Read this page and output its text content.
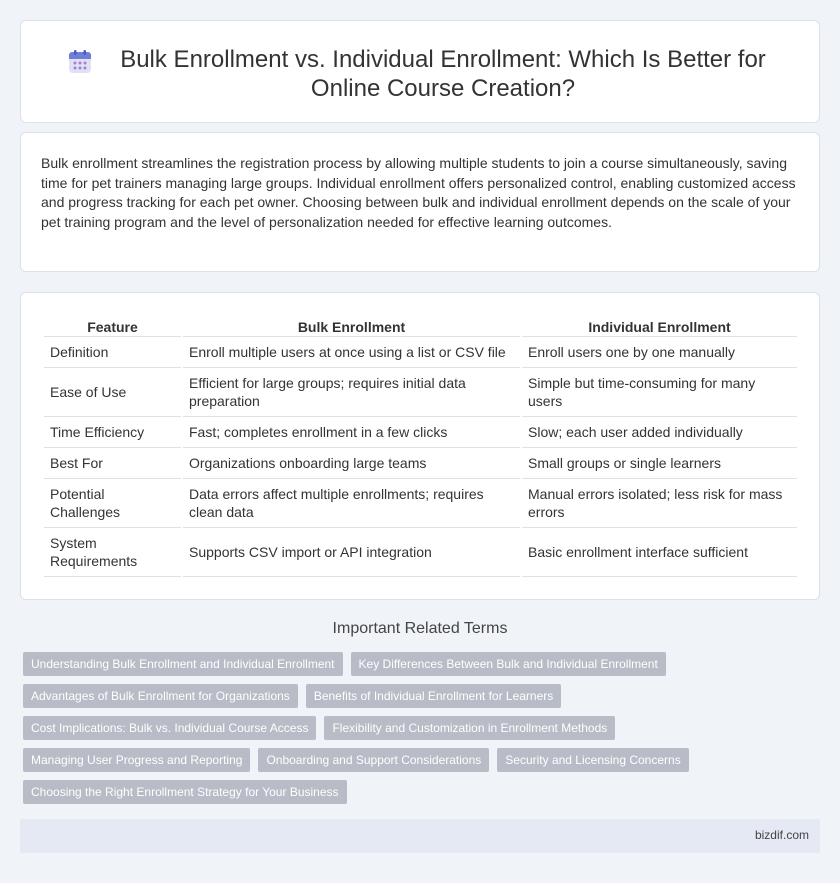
Bulk Enrollment vs. Individual Enrollment: Which Is Better for Online Course Creation?

Bulk enrollment streamlines the registration process by allowing multiple students to join a course simultaneously, saving time for pet trainers managing large groups. Individual enrollment offers personalized control, enabling customized access and progress tracking for each pet owner. Choosing between bulk and individual enrollment depends on the scale of your pet training program and the level of personalization needed for effective learning outcomes.

Feature	Bulk Enrollment	Individual Enrollment
Definition	Enroll multiple users at once using a list or CSV file	Enroll users one by one manually
Ease of Use	Efficient for large groups; requires initial data preparation	Simple but time-consuming for many users
Time Efficiency	Fast; completes enrollment in a few clicks	Slow; each user added individually
Best For	Organizations onboarding large teams	Small groups or single learners
Potential Challenges	Data errors affect multiple enrollments; requires clean data	Manual errors isolated; less risk for mass errors
System Requirements	Supports CSV import or API integration	Basic enrollment interface sufficient
Important Related Terms
Understanding Bulk Enrollment and Individual Enrollment	Key Differences Between Bulk and Individual Enrollment
Advantages of Bulk Enrollment for Organizations	Benefits of Individual Enrollment for Learners
Cost Implications: Bulk vs. Individual Course Access	Flexibility and Customization in Enrollment Methods
Managing User Progress and Reporting	Onboarding and Support Considerations	Security and Licensing Concerns
Choosing the Right Enrollment Strategy for Your Business
bizdif.com
